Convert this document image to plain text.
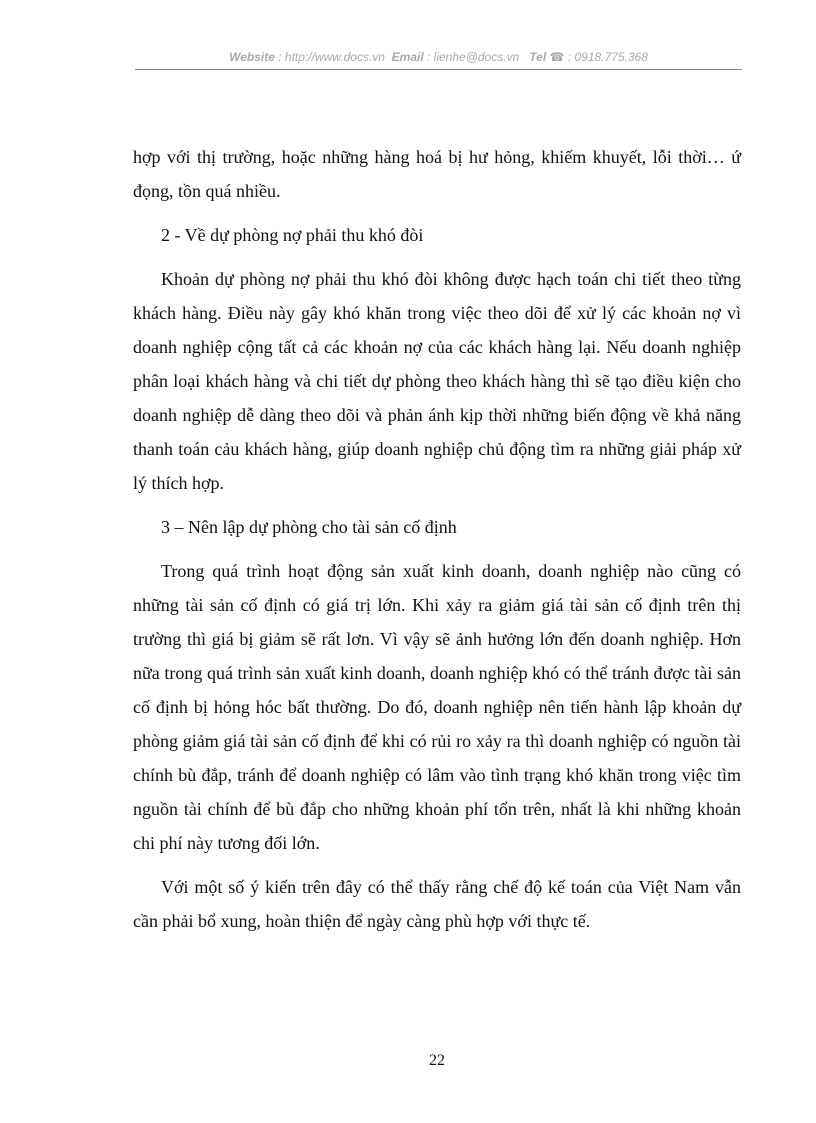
Website : http://www.docs.vn Email : lienhe@docs.vn Tel ☎ : 0918.775.368

hợp với thị trường, hoặc những hàng hoá bị hư hỏng, khiếm khuyết, lỗi thời… ứ đọng, tồn quá nhiều.

2 - Về dự phòng nợ phải thu khó đòi

Khoản dự phòng nợ phải thu khó đòi không được hạch toán chi tiết theo từng khách hàng. Điều này gây khó khăn trong việc theo dõi để xử lý các khoản nợ vì doanh nghiệp cộng tất cả các khoản nợ của các khách hàng lại. Nếu doanh nghiệp phân loại khách hàng và chi tiết dự phòng theo khách hàng thì sẽ tạo điều kiện cho doanh nghiệp dễ dàng theo dõi và phản ánh kịp thời những biến động về khả năng thanh toán cảu khách hàng, giúp doanh nghiệp chủ động tìm ra những giải pháp xử lý thích hợp.

3 – Nên lập dự phòng cho tài sản cố định

Trong quá trình hoạt động sản xuất kinh doanh, doanh nghiệp nào cũng có những tài sản cố định có giá trị lớn. Khi xảy ra giảm giá tài sản cố định trên thị trường thì giá bị giảm sẽ rất lơn. Vì vậy sẽ ảnh hưởng lớn đến doanh nghiệp. Hơn nữa trong quá trình sản xuất kinh doanh, doanh nghiệp khó có thể tránh được tài sản cố định bị hỏng hóc bất thường. Do đó, doanh nghiệp nên tiến hành lập khoản dự phòng giảm giá tài sản cố định để khi có rủi ro xảy ra thì doanh nghiệp có nguồn tài chính bù đắp, tránh để doanh nghiệp có lâm vào tình trạng khó khăn trong việc tìm nguồn tài chính để bù đắp cho những khoản phí tổn trên, nhất là khi những khoản chi phí này tương đối lớn.

Với một số ý kiến trên đây có thể thấy rằng chế độ kế toán của Việt Nam vẫn cần phải bổ xung, hoàn thiện để ngày càng phù hợp với thực tế.

22
